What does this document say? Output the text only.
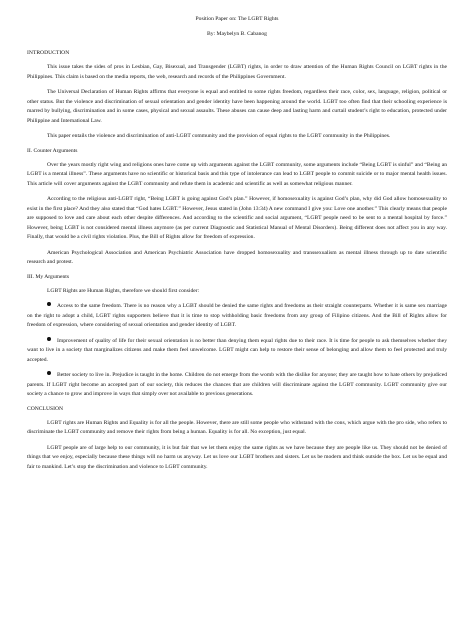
Position Paper on: The LGBT Rights

By: Maybelyn B. Cabanog

INTRODUCTION

This issue takes the sides of pros in Lesbian, Gay, Bisexual, and Transgender (LGBT) rights, in order to draw attention of the Human Rights Council on LGBT rights in the Philippines. This claim is based on the media reports, the web, research and records of the Philippines Government.

The Universal Declaration of Human Rights affirms that everyone is equal and entitled to some rights freedom, regardless their race, color, sex, language, religion, political or other status. But the violence and discrimination of sexual orientation and gender identity have been happening around the world. LGBT too often find that their schooling experience is marred by bullying, discrimination and in some cases, physical and sexual assaults. These abuses can cause deep and lasting harm and curtail student’s right to education, protected under Philippine and International Law.

This paper entails the violence and discrimination of anti-LGBT community and the provision of equal rights to the LGBT community in the Philippines.

II. Counter Arguments

Over the years mostly right wing and religions ones have come up with arguments against the LGBT community, some arguments include “Being LGBT is sinful” and “Being an LGBT is a mental illness”. These arguments have no scientific or historical basis and this type of intolerance can lead to LGBT people to commit suicide or to major mental health issues. This article will cover arguments against the LGBT community and refute them in academic and scientific as well as somewhat religious manner.

According to the religious anti-LGBT right, “Being LGBT is going against God’s plan.” However, if homosexuality is against God’s plan, why did God allow homosexuality to exist in the first place? And they also stated that “God hates LGBT.” However, Jesus stated in (John 13:34) A new command I give you: Love one another.” This clearly means that people are supposed to love and care about each other despite differences. And according to the scientific and social argument, “LGBT people need to be sent to a mental hospital by force.” However, being LGBT is not considered mental illness anymore (as per current Diagnostic and Statistical Manual of Mental Disorders). Being different does not affect you in any way. Finally, that would be a civil rights violation. Plus, the Bill of Rights allow for freedom of expression.

American Psychological Association and American Psychiatric Association have dropped homosexuality and transsexualism as mental illness through up to date scientific research and protest.

III. My Arguments

LGBT Rights are Human Rights, therefore we should first consider:

Access to the same freedom. There is no reason why a LGBT should be denied the same rights and freedoms as their straight counterparts. Whether it is same sex marriage on the right to adopt a child, LGBT rights supporters believe that it is time to stop withholding basic freedoms from any group of Filipino citizens. And the Bill of Rights allow for freedom of expression, where considering of sexual orientation and gender identity of LGBT.

Improvement of quality of life for their sexual orientation is no better than denying them equal rights due to their race. It is time for people to ask themselves whether they want to live in a society that marginalizes citizens and make them feel unwelcome. LGBT might can help to restore their sense of belonging and allow them to feel protected and truly accepted.

Better society to live in. Prejudice is taught in the home. Children do not emerge from the womb with the dislike for anyone; they are taught how to hate others by prejudiced parents. If LGBT right become an accepted part of our society, this reduces the chances that are children will discriminate against the LGBT community. LGBT community give our society a chance to grow and improve in ways that simply over not available to previous generations.

CONCLUSION

LGBT rights are Human Rights and Equality is for all the people. However, there are still some people who withstand with the cons, which argue with the pro side, who refers to discriminate the LGBT community and remove their rights from being a human. Equality is for all. No exception, just equal.

LGBT people are of large help to our community, it is but fair that we let them enjoy the same rights as we have because they are people like us. They should not be denied of things that we enjoy, especially because these things will no harm us anyway. Let us love our LGBT brothers and sisters. Let us be modern and think outside the box. Let us be equal and fair to mankind. Let’s stop the discrimination and violence to LGBT community.
